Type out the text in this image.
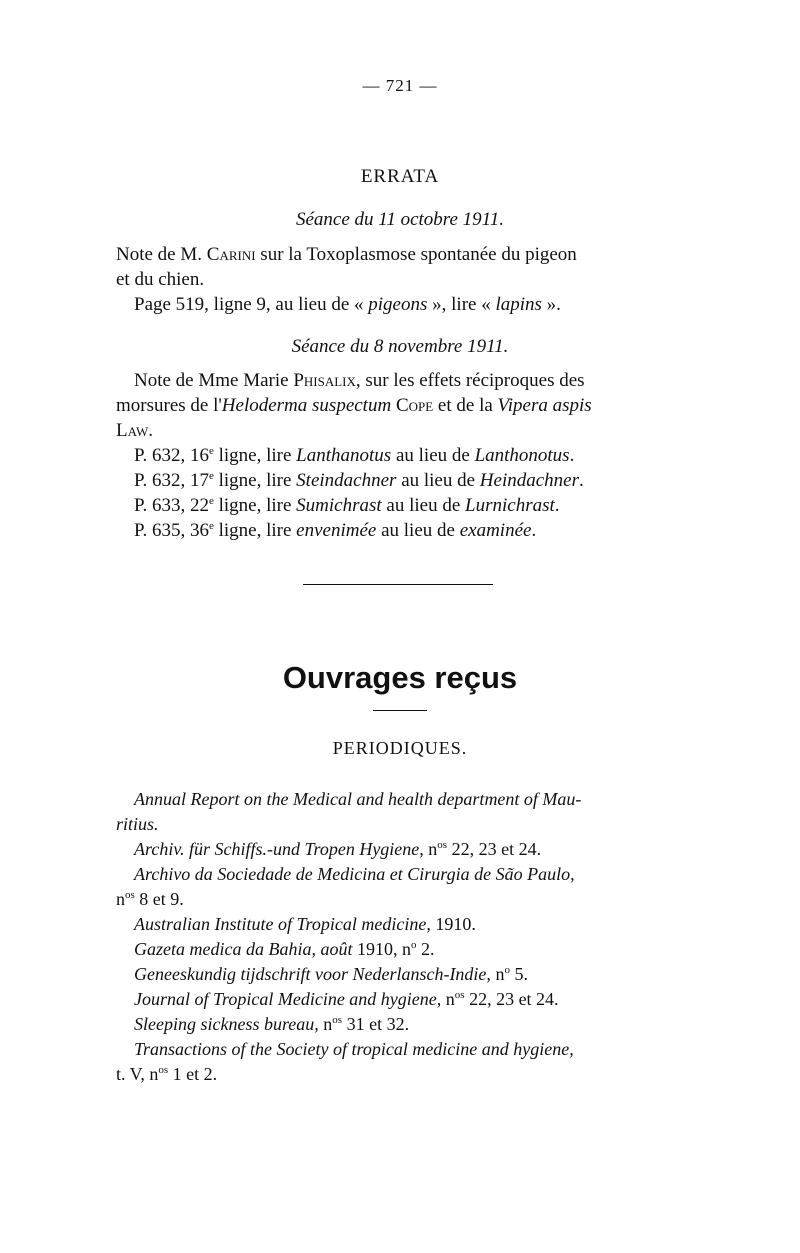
— 721 —
ERRATA
Séance du 11 octobre 1911.
Note de M. Carini sur la Toxoplasmose spontanée du pigeon
et du chien.
Page 519, ligne 9, au lieu de « pigeons », lire « lapins ».
Séance du 8 novembre 1911.
Note de Mme Marie Phisalix, sur les effets réciproques des
morsures de l'Heloderma suspectum Cope et de la Vipera aspis
Law.
P. 632, 16e ligne, lire Lanthanotus au lieu de Lanthonotus.
P. 632, 17e ligne, lire Steindachner au lieu de Heindachner.
P. 633, 22e ligne, lire Sumichrast au lieu de Lurnichrast.
P. 635, 36e ligne, lire envenimée au lieu de examinée.
Ouvrages reçus
PERIODIQUES.
Annual Report on the Medical and health department of Mau-
ritius.
Archiv. für Schiffs.-und Tropen Hygiene, $n^{os}$ 22, 23 et 24.
Archivo da Sociedade de Medicina et Cirurgia de São Paulo,
$n^{os}$ 8 et 9.
Australian Institute of Tropical medicine, 1910.
Gazeta medica da Bahia, août 1910, $n^o$ 2.
Geneeskundig tijdschrift voor Nederlansch-Indie, $n^o$ 5.
Journal of Tropical Medicine and hygiene, $n^{os}$ 22, 23 et 24.
Sleeping sickness bureau, $n^{os}$ 31 et 32.
Transactions of the Society of tropical medicine and hygiene,
t. V, $n^{os}$ 1 et 2.
